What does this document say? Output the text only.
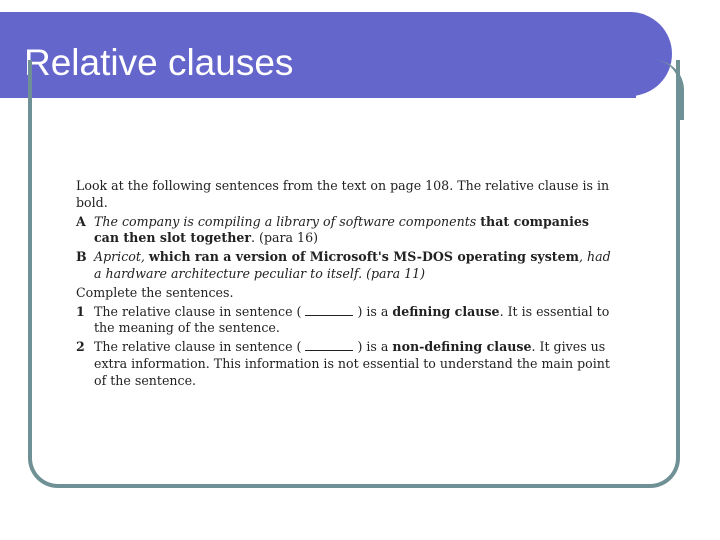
Relative clauses

Look at the following sentences from the text on page 108. The relative clause is in bold.

A The company is compiling a library of software components that companies can then slot together. (para 16)
B Apricot, which ran a version of Microsoft's MS-DOS operating system, had a hardware architecture peculiar to itself. (para 11)

Complete the sentences.

1 The relative clause in sentence (	) is a defining clause. It is essential to the meaning of the sentence.
2 The relative clause in sentence (	) is a non-defining clause. It gives us extra information. This information is not essential to understand the main point of the sentence.
